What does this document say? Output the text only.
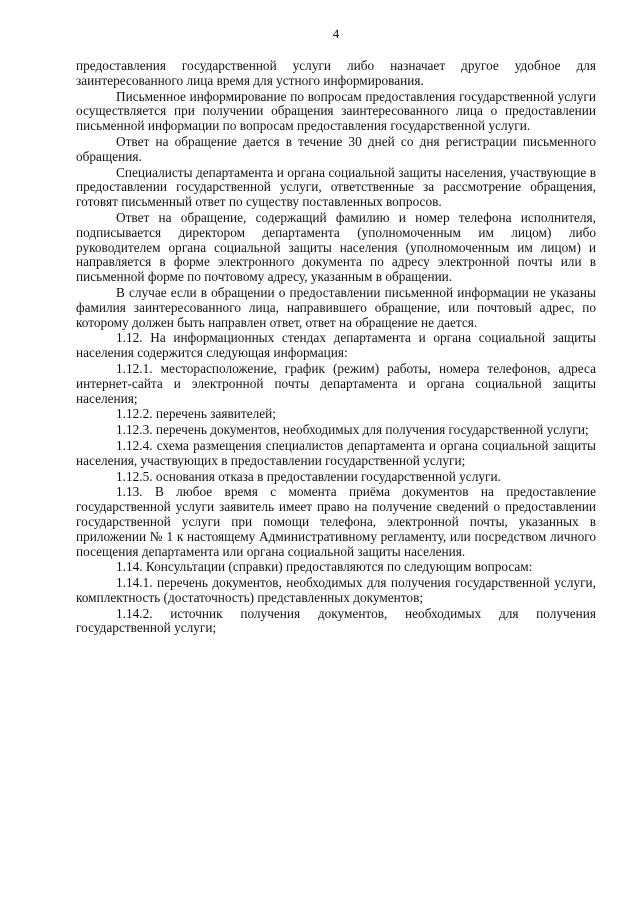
4

предоставления государственной услуги либо назначает другое удобное для заинтересованного лица время для устного информирования.

Письменное информирование по вопросам предоставления государственной услуги осуществляется при получении обращения заинтересованного лица о предоставлении письменной информации по вопросам предоставления государственной услуги.

Ответ на обращение дается в течение 30 дней со дня регистрации письменного обращения.

Специалисты департамента и органа социальной защиты населения, участвующие в предоставлении государственной услуги, ответственные за рассмотрение обращения, готовят письменный ответ по существу поставленных вопросов.

Ответ на обращение, содержащий фамилию и номер телефона исполнителя, подписывается директором департамента (уполномоченным им лицом) либо руководителем органа социальной защиты населения (уполномоченным им лицом) и направляется в форме электронного документа по адресу электронной почты или в письменной форме по почтовому адресу, указанным в обращении.

В случае если в обращении о предоставлении письменной информации не указаны фамилия заинтересованного лица, направившего обращение, или почтовый адрес, по которому должен быть направлен ответ, ответ на обращение не дается.

1.12. На информационных стендах департамента и органа социальной защиты населения содержится следующая информация:

1.12.1. месторасположение, график (режим) работы, номера телефонов, адреса интернет-сайта и электронной почты департамента и органа социальной защиты населения;

1.12.2. перечень заявителей;

1.12.3. перечень документов, необходимых для получения государственной услуги;

1.12.4. схема размещения специалистов департамента и органа социальной защиты населения, участвующих в предоставлении государственной услуги;

1.12.5. основания отказа в предоставлении государственной услуги.

1.13. В любое время с момента приёма документов на предоставление государственной услуги заявитель имеет право на получение сведений о предоставлении государственной услуги при помощи телефона, электронной почты, указанных в приложении № 1 к настоящему Административному регламенту, или посредством личного посещения департамента или органа социальной защиты населения.

1.14. Консультации (справки) предоставляются по следующим вопросам:

1.14.1. перечень документов, необходимых для получения государственной услуги, комплектность (достаточность) представленных документов;

1.14.2. источник получения документов, необходимых для получения государственной услуги;
